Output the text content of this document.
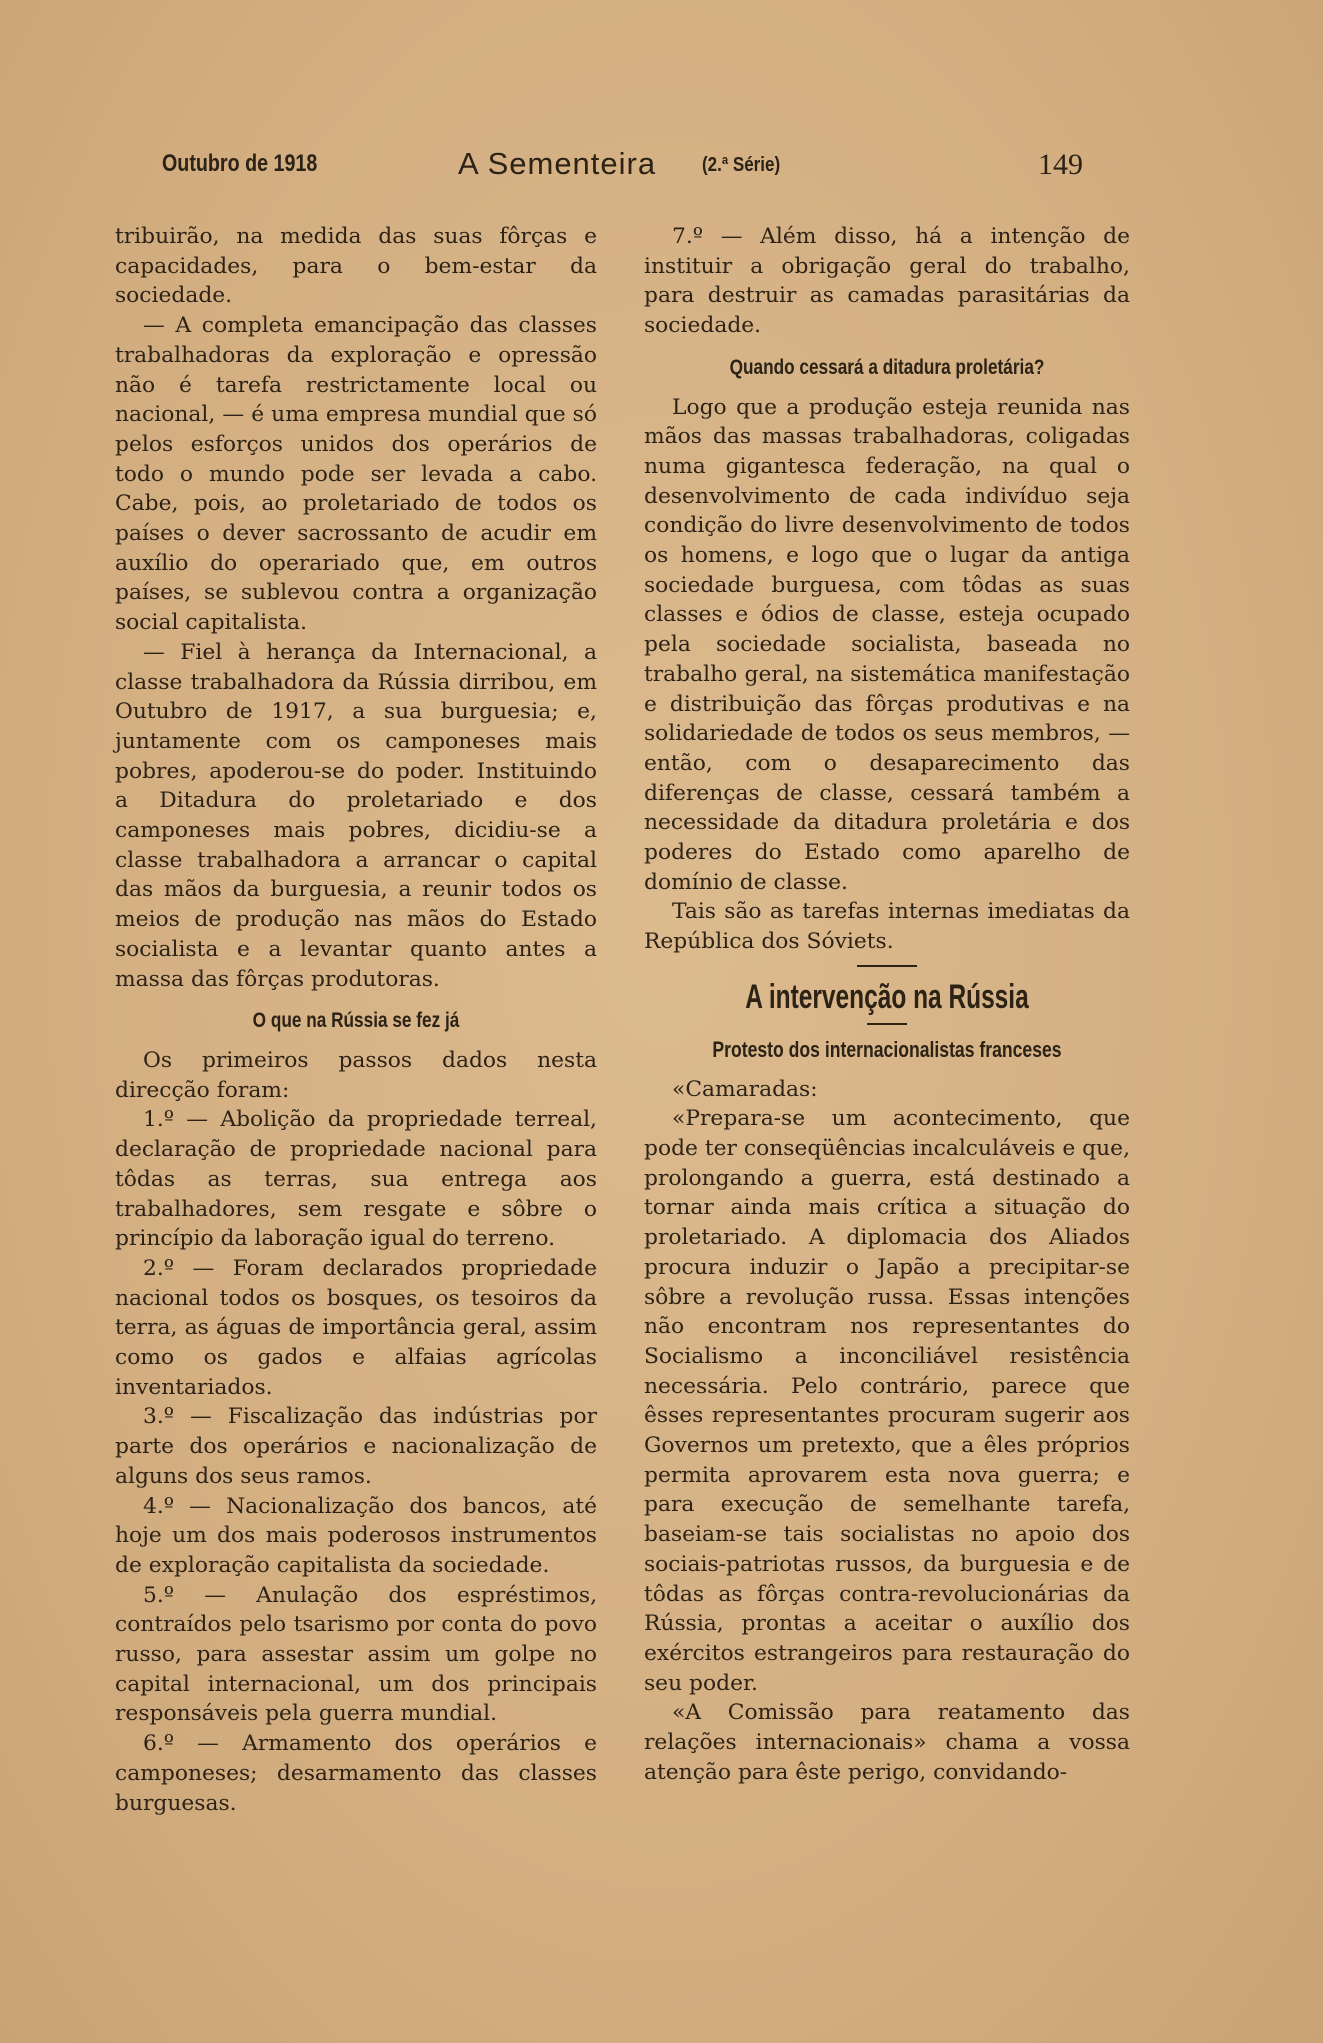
Outubro de 1918	A Sementeira (2.ª Série)	149

tribuirão, na medida das suas fôrças e capacidades, para o bem-estar da sociedade.

— A completa emancipação das classes trabalhadoras da exploração e opressão não é tarefa restrictamente local ou nacional, — é uma empresa mundial que só pelos esforços unidos dos operários de todo o mundo pode ser levada a cabo. Cabe, pois, ao proletariado de todos os países o dever sacrossanto de acudir em auxílio do operariado que, em outros países, se sublevou contra a organização social capitalista.

— Fiel à herança da Internacional, a classe trabalhadora da Rússia dirribou, em Outubro de 1917, a sua burguesia; e, juntamente com os camponeses mais pobres, apoderou-se do poder. Instituindo a Ditadura do proletariado e dos camponeses mais pobres, dicidiu-se a classe trabalhadora a arrancar o capital das mãos da burguesia, a reunir todos os meios de produção nas mãos do Estado socialista e a levantar quanto antes a massa das fôrças produtoras.

O que na Rússia se fez já

Os primeiros passos dados nesta direcção foram:

1.º — Abolição da propriedade terreal, declaração de propriedade nacional para tôdas as terras, sua entrega aos trabalhadores, sem resgate e sôbre o princípio da laboração igual do terreno.

2.º — Foram declarados propriedade nacional todos os bosques, os tesoiros da terra, as águas de importância geral, assim como os gados e alfaias agrícolas inventariados.

3.º — Fiscalização das indústrias por parte dos operários e nacionalização de alguns dos seus ramos.

4.º — Nacionalização dos bancos, até hoje um dos mais poderosos instrumentos de exploração capitalista da sociedade.

5.º — Anulação dos espréstimos, contraídos pelo tsarismo por conta do povo russo, para assestar assim um golpe no capital internacional, um dos principais responsáveis pela guerra mundial.

6.º — Armamento dos operários e camponeses; desarmamento das classes burguesas.

7.º — Além disso, há a intenção de instituir a obrigação geral do trabalho, para destruir as camadas parasitárias da sociedade.

Quando cessará a ditadura proletária?

Logo que a produção esteja reunida nas mãos das massas trabalhadoras, coligadas numa gigantesca federação, na qual o desenvolvimento de cada indivíduo seja condição do livre desenvolvimento de todos os homens, e logo que o lugar da antiga sociedade burguesa, com tôdas as suas classes e ódios de classe, esteja ocupado pela sociedade socialista, baseada no trabalho geral, na sistemática manifestação e distribuição das fôrças produtivas e na solidariedade de todos os seus membros, — então, com o desaparecimento das diferenças de classe, cessará também a necessidade da ditadura proletária e dos poderes do Estado como aparelho de domínio de classe.

Tais são as tarefas internas imediatas da República dos Sóviets.

A intervenção na Rússia
Protesto dos internacionalistas franceses

«Camaradas:

«Prepara-se um acontecimento, que pode ter conseqüências incalculáveis e que, prolongando a guerra, está destinado a tornar ainda mais crítica a situação do proletariado. A diplomacia dos Aliados procura induzir o Japão a precipitar-se sôbre a revolução russa. Essas intenções não encontram nos representantes do Socialismo a inconciliável resistência necessária. Pelo contrário, parece que êsses representantes procuram sugerir aos Governos um pretexto, que a êles próprios permita aprovarem esta nova guerra; e para execução de semelhante tarefa, baseiam-se tais socialistas no apoio dos sociais-patriotas russos, da burguesia e de tôdas as fôrças contra-revolucionárias da Rússia, prontas a aceitar o auxílio dos exércitos estrangeiros para restauração do seu poder.

«A Comissão para reatamento das relações internacionais» chama a vossa atenção para êste perigo, convidando-
